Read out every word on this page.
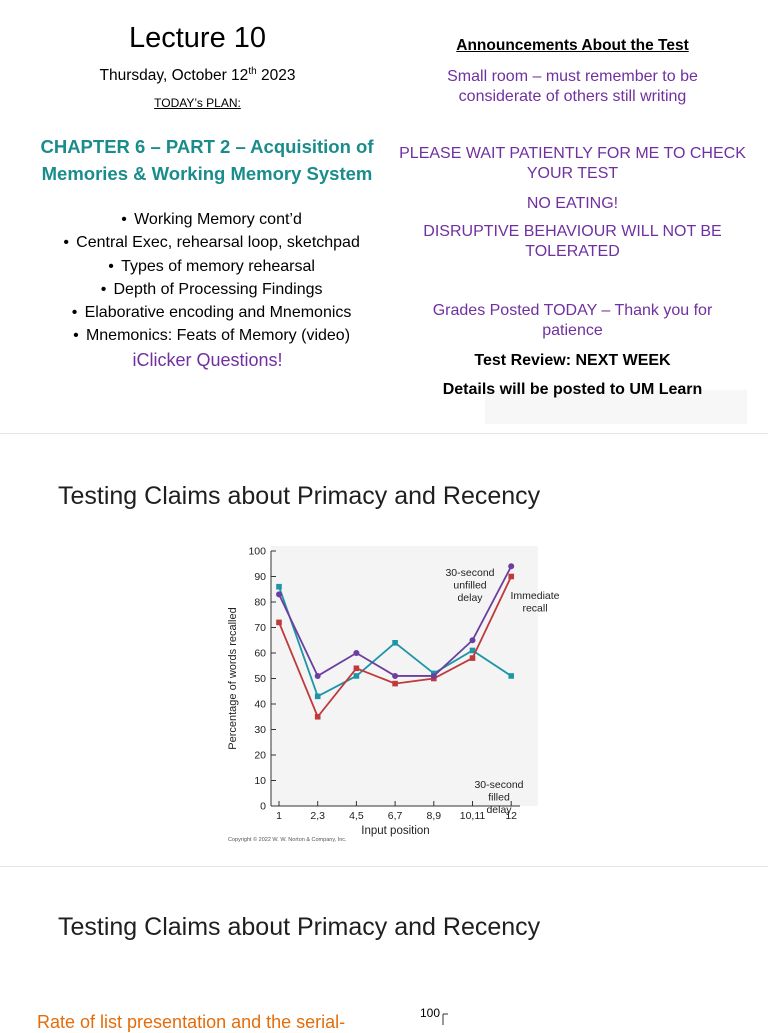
Lecture 10
Thursday, October 12th 2023
TODAY’s PLAN:
CHAPTER 6 – PART 2 – Acquisition of
Memories & Working Memory System
• Working Memory cont’d
• Central Exec, rehearsal loop, sketchpad
• Types of memory rehearsal
• Depth of Processing Findings
• Elaborative encoding and Mnemonics
• Mnemonics: Feats of Memory (video)
iClicker Questions!
Announcements About the Test
Small room – must remember to be
considerate of others still writing
PLEASE WAIT PATIENTLY FOR ME TO CHECK
YOUR TEST
NO EATING!
DISRUPTIVE BEHAVIOUR WILL NOT BE
TOLERATED
Grades Posted TODAY – Thank you for
patience
Test Review: NEXT WEEK
Details will be posted to UM Learn
Testing Claims about Primacy and Recency
0
10
20
30
40
50
60
70
80
90
100
1	2,3 4,5 6,7 8,9 10,11 12
Input position
Percentage of words recalled
30-second
unfilled
delay	Immediate
recall
30-second
filled
delay
Copyright © 2022 W. W. Norton & Company, Inc.
Testing Claims about Primacy and Recency
Rate of list presentation and the serial-	100
